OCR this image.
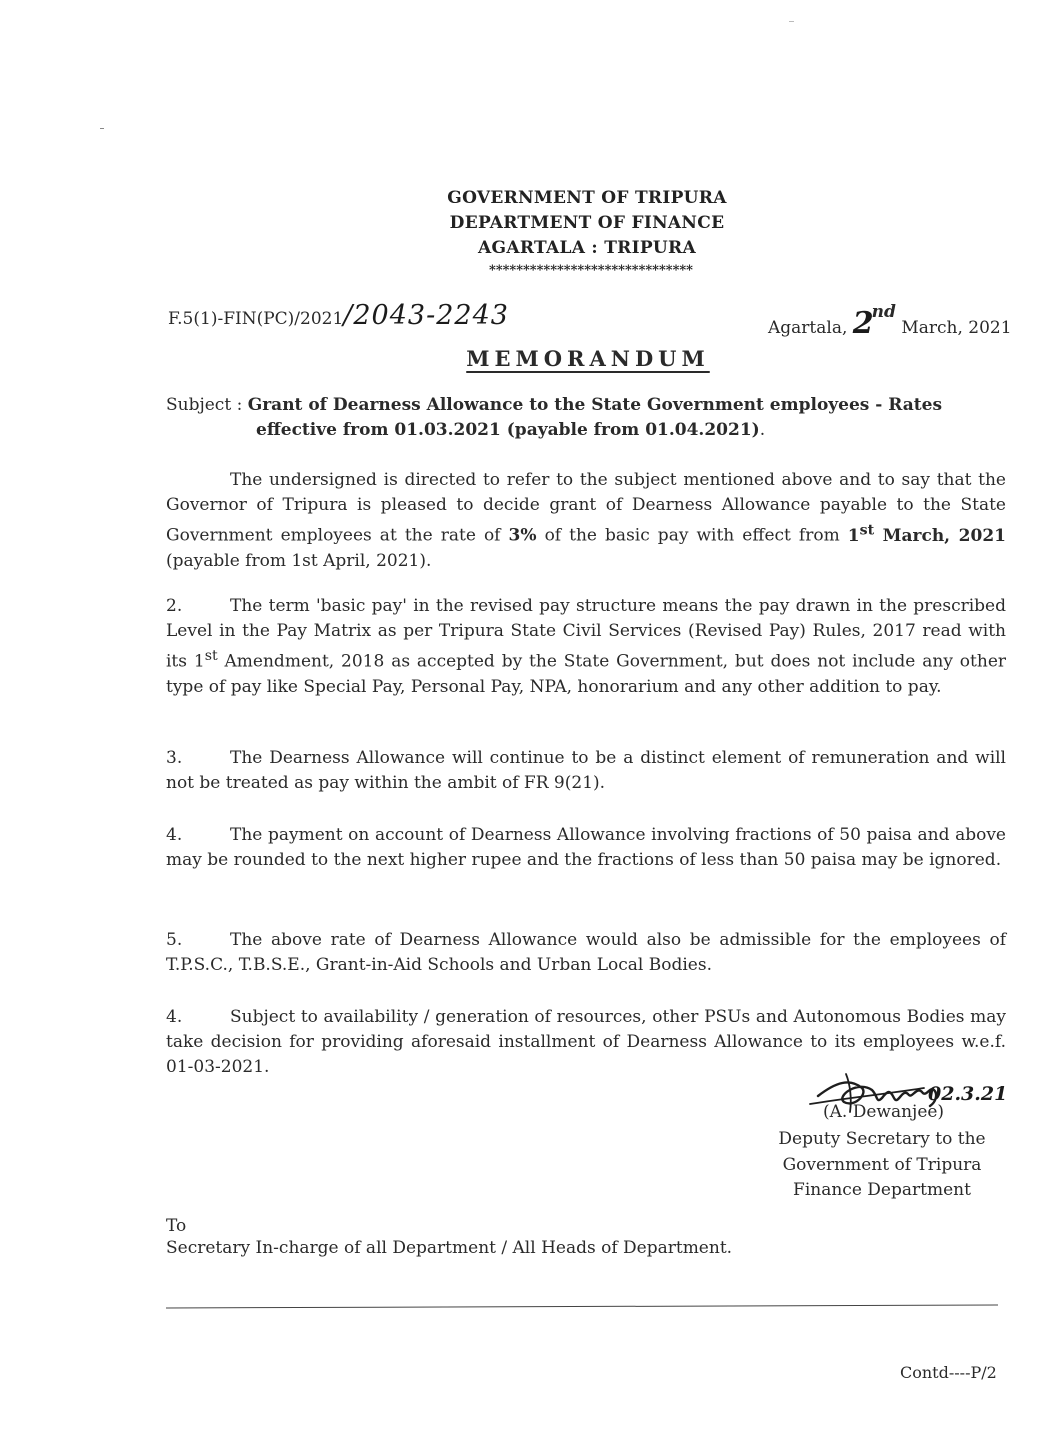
GOVERNMENT OF TRIPURA
DEPARTMENT OF FINANCE
AGARTALA : TRIPURA
******************************
F.5(1)-FIN(PC)/2021/2043-2243	Agartala, 2nd March, 2021
MEMORANDUM
Subject : Grant of Dearness Allowance to the State Government employees - Rates
effective from 01.03.2021 (payable from 01.04.2021).
The undersigned is directed to refer to the subject mentioned above and to say that the Governor of Tripura is pleased to decide grant of Dearness Allowance payable to the State Government employees at the rate of 3% of the basic pay with effect from 1st March, 2021 (payable from 1st April, 2021).
2.	The term 'basic pay' in the revised pay structure means the pay drawn in the prescribed Level in the Pay Matrix as per Tripura State Civil Services (Revised Pay) Rules, 2017 read with its 1st Amendment, 2018 as accepted by the State Government, but does not include any other type of pay like Special Pay, Personal Pay, NPA, honorarium and any other addition to pay.
3.	The Dearness Allowance will continue to be a distinct element of remuneration and will not be treated as pay within the ambit of FR 9(21).
4.	The payment on account of Dearness Allowance involving fractions of 50 paisa and above may be rounded to the next higher rupee and the fractions of less than 50 paisa may be ignored.
5.	The above rate of Dearness Allowance would also be admissible for the employees of T.P.S.C., T.B.S.E., Grant-in-Aid Schools and Urban Local Bodies.
4.	Subject to availability / generation of resources, other PSUs and Autonomous Bodies may take decision for providing aforesaid installment of Dearness Allowance to its employees w.e.f. 01-03-2021.
02.3.21
(A. Dewanjee)
Deputy Secretary to the
Government of Tripura
Finance Department
To
Secretary In-charge of all Department / All Heads of Department.
Contd----P/2
